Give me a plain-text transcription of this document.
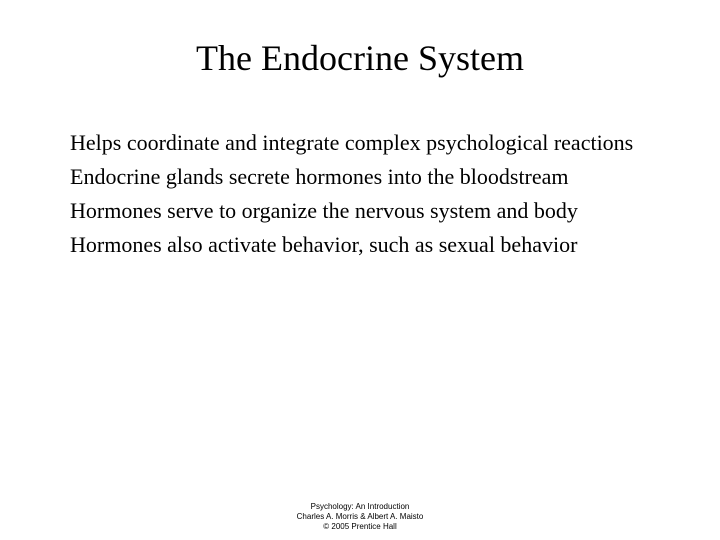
The Endocrine System
Helps coordinate and integrate complex psychological reactions
Endocrine glands secrete hormones into the bloodstream
Hormones serve to organize the nervous system and body
Hormones also activate behavior, such as sexual behavior
Psychology: An Introduction
Charles A. Morris & Albert A. Maisto
© 2005 Prentice Hall
